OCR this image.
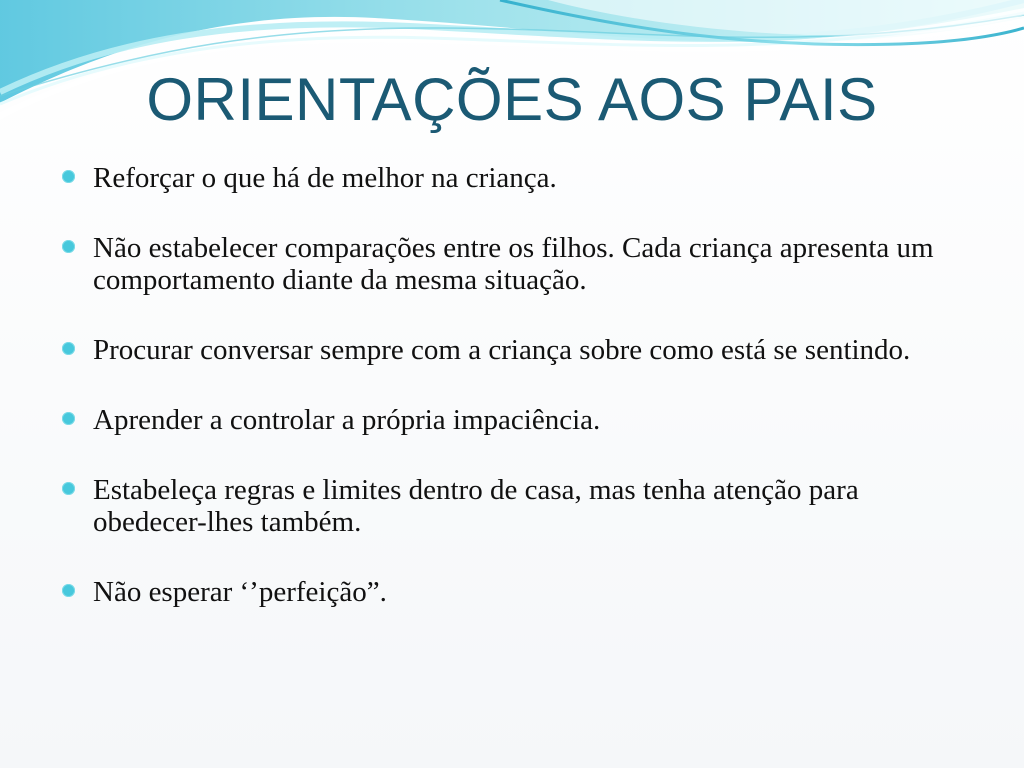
ORIENTAÇÕES AOS PAIS
Reforçar o que há de melhor na criança.
Não estabelecer comparações entre os filhos. Cada criança apresenta um comportamento diante da mesma situação.
Procurar conversar sempre com a criança sobre como está se sentindo.
Aprender a controlar a própria impaciência.
Estabeleça regras e limites dentro de casa, mas tenha atenção para obedecer-lhes também.
Não esperar ‘’perfeição”.
